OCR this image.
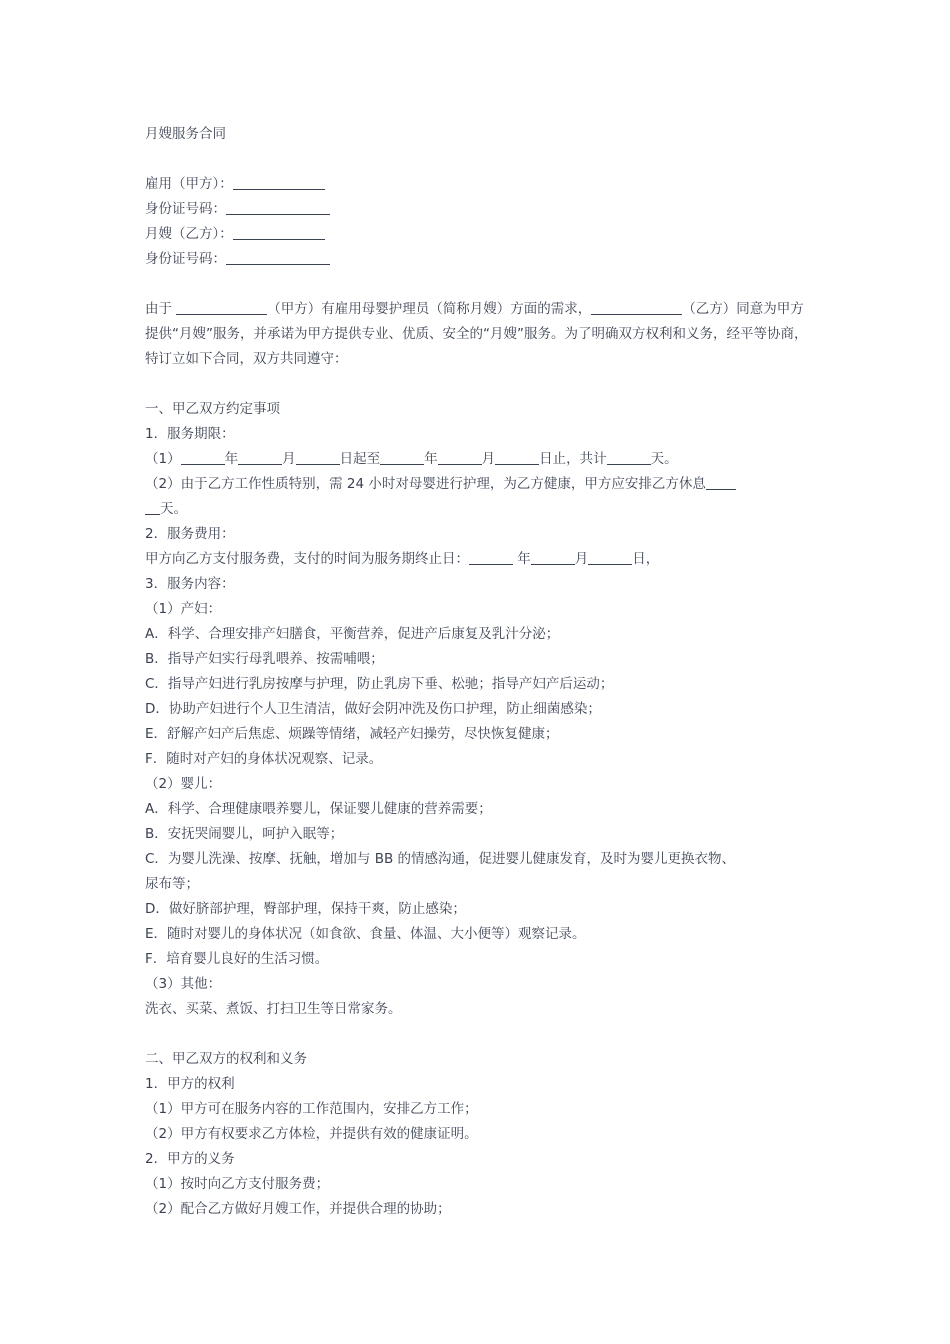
月嫂服务合同
雇用（甲方）：
身份证号码：
月嫂（乙方）：
身份证号码：
由于	（甲方）有雇用母婴护理员（简称月嫂）方面的需求，	（乙方）同意为甲方提供“月嫂”服务，并承诺为甲方提供专业、优质、安全的“月嫂”服务。为了明确双方权利和义务，经平等协商，特订立如下合同，双方共同遵守：
一、甲乙双方约定事项
1．服务期限：
（1）	年	月	日起至	年	月	日止，共计	天。
（2）由于乙方工作性质特别，需 24 小时对母婴进行护理，为乙方健康，甲方应安排乙方休息
天。
2．服务费用：
甲方向乙方支付服务费，支付的时间为服务期终止日：	年	月	日，
3．服务内容：
（1）产妇：
A．科学、合理安排产妇膳食，平衡营养，促进产后康复及乳汁分泌；
B．指导产妇实行母乳喂养、按需哺喂；
C．指导产妇进行乳房按摩与护理，防止乳房下垂、松驰；指导产妇产后运动；
D．协助产妇进行个人卫生清洁，做好会阴冲洗及伤口护理，防止细菌感染；
E．舒解产妇产后焦虑、烦躁等情绪，减轻产妇操劳，尽快恢复健康；
F．随时对产妇的身体状况观察、记录。
（2）婴儿：
A．科学、合理健康喂养婴儿，保证婴儿健康的营养需要；
B．安抚哭闹婴儿，呵护入眠等；
C．为婴儿洗澡、按摩、抚触，增加与 BB 的情感沟通，促进婴儿健康发育，及时为婴儿更换衣物、
尿布等；
D．做好脐部护理，臀部护理，保持干爽，防止感染；
E．随时对婴儿的身体状况（如食欲、食量、体温、大小便等）观察记录。
F．培育婴儿良好的生活习惯。
（3）其他：
洗衣、买菜、煮饭、打扫卫生等日常家务。
二、甲乙双方的权利和义务
1．甲方的权利
（1）甲方可在服务内容的工作范围内，安排乙方工作；
（2）甲方有权要求乙方体检，并提供有效的健康证明。
2．甲方的义务
（1）按时向乙方支付服务费；
（2）配合乙方做好月嫂工作，并提供合理的协助；
